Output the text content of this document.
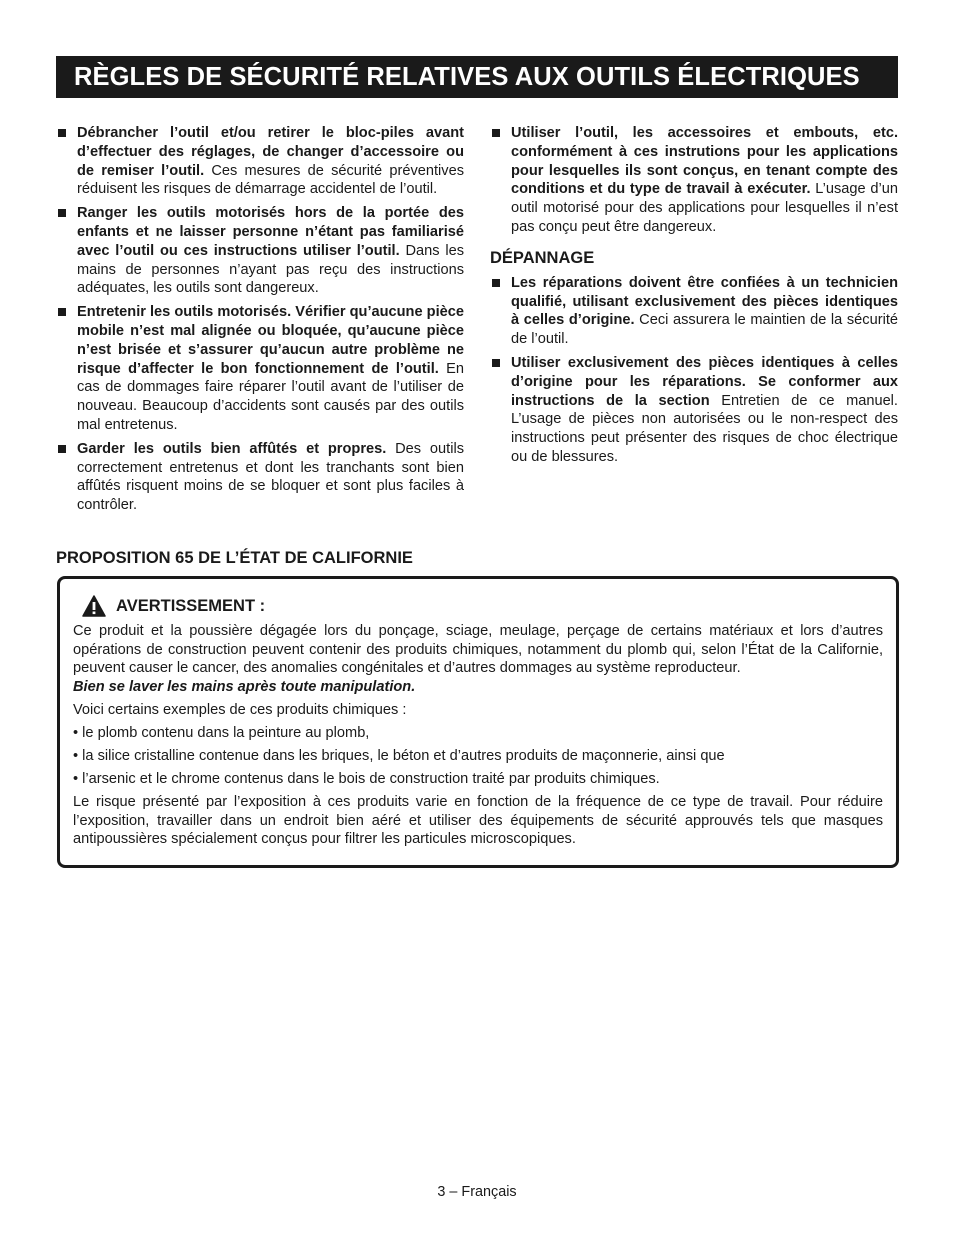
RÈGLES DE SÉCURITÉ RELATIVES AUX OUTILS ÉLECTRIQUES
Débrancher l’outil et/ou retirer le bloc-piles avant d’effectuer des réglages, de changer d’accessoire ou de remiser l’outil. Ces mesures de sécurité préventives réduisent les risques de démarrage accidentel de l’outil.
Ranger les outils motorisés hors de la portée des enfants et ne laisser personne n’étant pas familiarisé avec l’outil ou ces instructions utiliser l’outil. Dans les mains de personnes n’ayant pas reçu des instructions adéquates, les outils sont dangereux.
Entretenir les outils motorisés. Vérifier qu’aucune pièce mobile n’est mal alignée ou bloquée, qu’aucune pièce n’est brisée et s’assurer qu’aucun autre problème ne risque d’affecter le bon fonctionnement de l’outil. En cas de dommages faire réparer l’outil avant de l’utiliser de nouveau. Beaucoup d’accidents sont causés par des outils mal entretenus.
Garder les outils bien affûtés et propres. Des outils correctement entretenus et dont les tranchants sont bien affûtés risquent moins de se bloquer et sont plus faciles à contrôler.
Utiliser l’outil, les accessoires et embouts, etc. conformément à ces instrutions pour les applications pour lesquelles ils sont conçus, en tenant compte des conditions et du type de travail à exécuter. L’usage d’un outil motorisé pour des applications pour lesquelles il n’est pas conçu peut être dangereux.
DÉPANNAGE
Les réparations doivent être confiées à un technicien qualifié, utilisant exclusivement des pièces identiques à celles d’origine. Ceci assurera le maintien de la sécurité de l’outil.
Utiliser exclusivement des pièces identiques à celles d’origine pour les réparations. Se conformer aux instructions de la section Entretien de ce manuel. L’usage de pièces non autorisées ou le non-respect des instructions peut présenter des risques de choc électrique ou de blessures.
PROPOSITION 65 DE L’ÉTAT DE CALIFORNIE
AVERTISSEMENT :

Ce produit et la poussière dégagée lors du ponçage, sciage, meulage, perçage de certains matériaux et lors d’autres opérations de construction peuvent contenir des produits chimiques, notamment du plomb qui, selon l’État de la Californie, peuvent causer le cancer, des anomalies congénitales et d’autres dommages au système reproducteur.
Bien se laver les mains après toute manipulation.

Voici certains exemples de ces produits chimiques :

• le plomb contenu dans la peinture au plomb,
• la silice cristalline contenue dans les briques, le béton et d’autres produits de maçonnerie, ainsi que
• l’arsenic et le chrome contenus dans le bois de construction traité par produits chimiques.

Le risque présenté par l’exposition à ces produits varie en fonction de la fréquence de ce type de travail. Pour réduire l’exposition, travailler dans un endroit bien aéré et utiliser des équipements de sécurité approuvés tels que masques antipoussières spécialement conçus pour filtrer les particules microscopiques.

3 – Français
